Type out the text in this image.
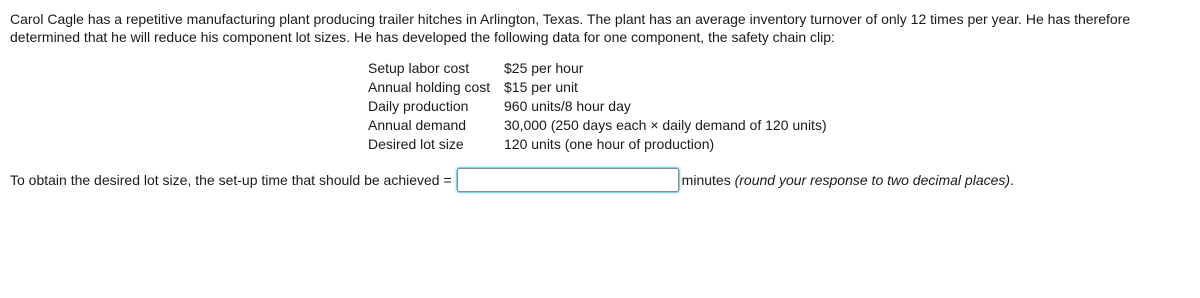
Carol Cagle has a repetitive manufacturing plant producing trailer hitches in Arlington, Texas. The plant has an average inventory turnover of only 12 times per year. He has therefore determined that he will reduce his component lot sizes. He has developed the following data for one component, the safety chain clip:

Setup labor cost	$25 per hour
Annual holding cost	$15 per unit
Daily production	960 units/8 hour day
Annual demand	30,000 (250 days each × daily demand of 120 units)
Desired lot size	120 units (one hour of production)
To obtain the desired lot size, the set-up time that should be achieved =	minutes (round your response to two decimal places).
